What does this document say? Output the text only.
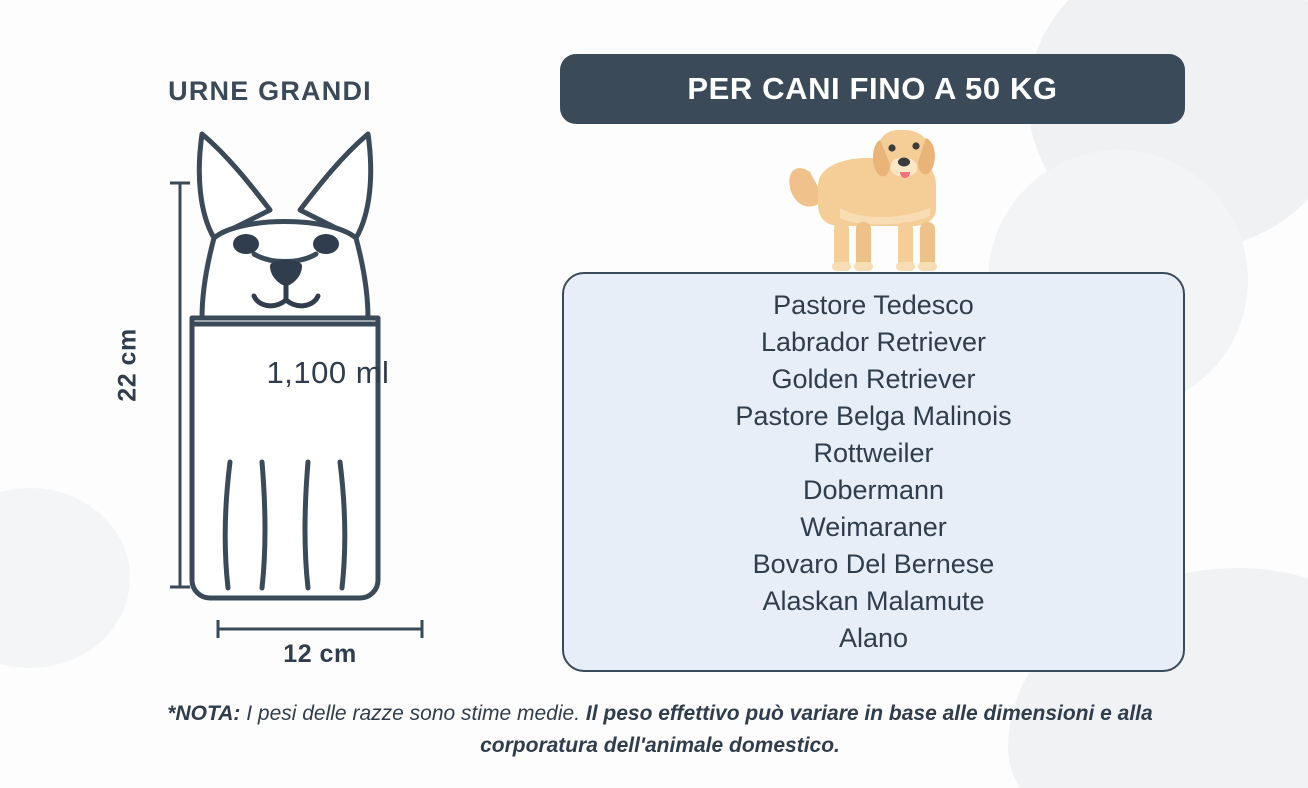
URNE GRANDI
1,100 ml
22 cm
12 cm
PER CANI FINO A 50 KG
Pastore Tedesco
Labrador Retriever
Golden Retriever
Pastore Belga Malinois
Rottweiler
Dobermann
Weimaraner
Bovaro Del Bernese
Alaskan Malamute
Alano
*NOTA: I pesi delle razze sono stime medie. Il peso effettivo può variare in base alle dimensioni e alla corporatura dell'animale domestico.
